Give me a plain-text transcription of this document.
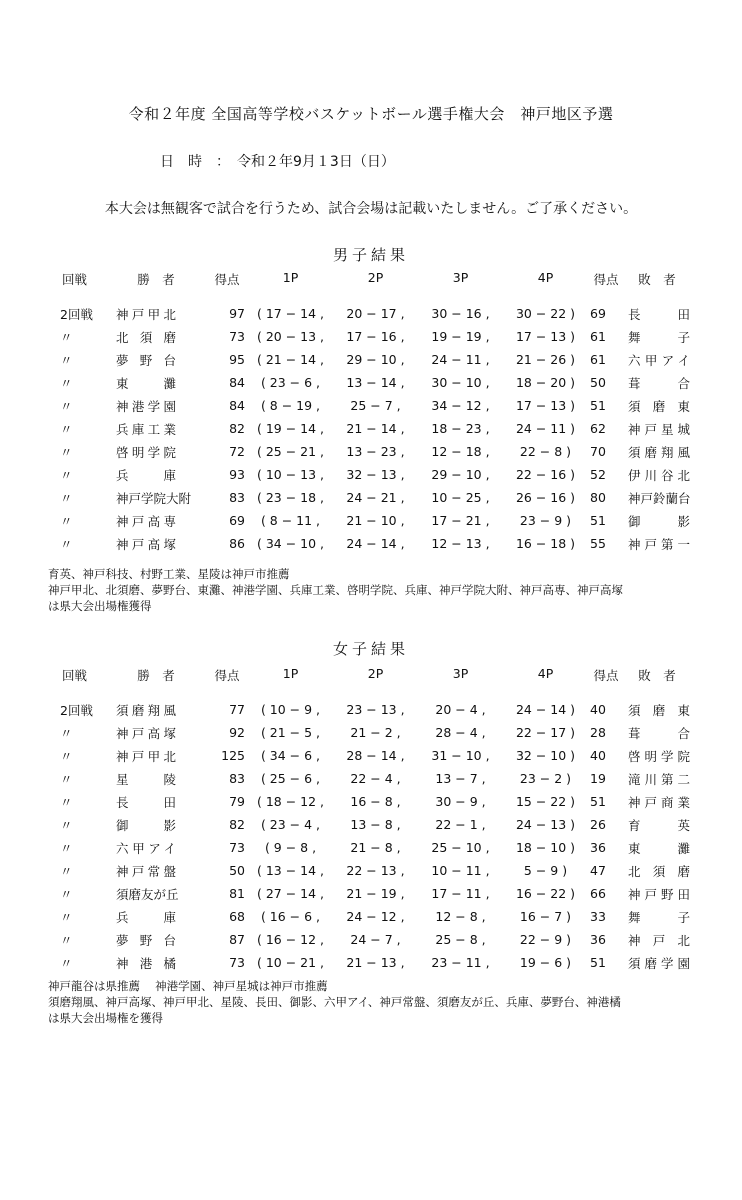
令和２年度 全国高等学校バスケットボール選手権大会　神戸地区予選
日　時　：　令和２年9月１3日（日）
本大会は無観客で試合を行うため、試合会場は記載いたしません。ご了承ください。
男子結果
回戦	勝　者	得点	1P	2P	3P	4P	得点	敗　者
2回戦	神戸甲北	97	( 17 − 14 ,	20 − 17 ,	30 − 16 ,	30 − 22 )	69	長田
〃	北須磨	73	( 20 − 13 ,	17 − 16 ,	19 − 19 ,	17 − 13 )	61	舞子
〃	夢野台	95	( 21 − 14 ,	29 − 10 ,	24 − 11 ,	21 − 26 )	61	六甲アイ
〃	東灘	84	( 23 − 6 ,	13 − 14 ,	30 − 10 ,	18 − 20 )	50	葺合
〃	神港学園	84	( 8 − 19 ,	25 − 7 ,	34 − 12 ,	17 − 13 )	51	須磨東
〃	兵庫工業	82	( 19 − 14 ,	21 − 14 ,	18 − 23 ,	24 − 11 )	62	神戸星城
〃	啓明学院	72	( 25 − 21 ,	13 − 23 ,	12 − 18 ,	22 − 8 )	70	須磨翔風
〃	兵庫	93	( 10 − 13 ,	32 − 13 ,	29 − 10 ,	22 − 16 )	52	伊川谷北
〃	神戸学院大附	83	( 23 − 18 ,	24 − 21 ,	10 − 25 ,	26 − 16 )	80	神戸鈴蘭台
〃	神戸高専	69	( 8 − 11 ,	21 − 10 ,	17 − 21 ,	23 − 9 )	51	御影
〃	神戸高塚	86	( 34 − 10 ,	24 − 14 ,	12 − 13 ,	16 − 18 )	55	神戸第一
育英、神戸科技、村野工業、星陵は神戸市推薦
神戸甲北、北須磨、夢野台、東灘、神港学園、兵庫工業、啓明学院、兵庫、神戸学院大附、神戸高専、神戸高塚
は県大会出場権獲得
女子結果
回戦	勝　者	得点	1P	2P	3P	4P	得点	敗　者
2回戦	須磨翔風	77	( 10 − 9 ,	23 − 13 ,	20 − 4 ,	24 − 14 )	40	須磨東
〃	神戸高塚	92	( 21 − 5 ,	21 − 2 ,	28 − 4 ,	22 − 17 )	28	葺合
〃	神戸甲北	125	( 34 − 6 ,	28 − 14 ,	31 − 10 ,	32 − 10 )	40	啓明学院
〃	星陵	83	( 25 − 6 ,	22 − 4 ,	13 − 7 ,	23 − 2 )	19	滝川第二
〃	長田	79	( 18 − 12 ,	16 − 8 ,	30 − 9 ,	15 − 22 )	51	神戸商業
〃	御影	82	( 23 − 4 ,	13 − 8 ,	22 − 1 ,	24 − 13 )	26	育英
〃	六甲アイ	73	( 9 − 8 ,	21 − 8 ,	25 − 10 ,	18 − 10 )	36	東灘
〃	神戸常盤	50	( 13 − 14 ,	22 − 13 ,	10 − 11 ,	5 − 9 )	47	北須磨
〃	須磨友が丘	81	( 27 − 14 ,	21 − 19 ,	17 − 11 ,	16 − 22 )	66	神戸野田
〃	兵庫	68	( 16 − 6 ,	24 − 12 ,	12 − 8 ,	16 − 7 )	33	舞子
〃	夢野台	87	( 16 − 12 ,	24 − 7 ,	25 − 8 ,	22 − 9 )	36	神戸北
〃	神港橘	73	( 10 − 21 ,	21 − 13 ,	23 − 11 ,	19 − 6 )	51	須磨学園
神戸龍谷は県推薦　 神港学園、神戸星城は神戸市推薦
須磨翔風、神戸高塚、神戸甲北、星陵、長田、御影、六甲アイ、神戸常盤、須磨友が丘、兵庫、夢野台、神港橘
は県大会出場権を獲得
